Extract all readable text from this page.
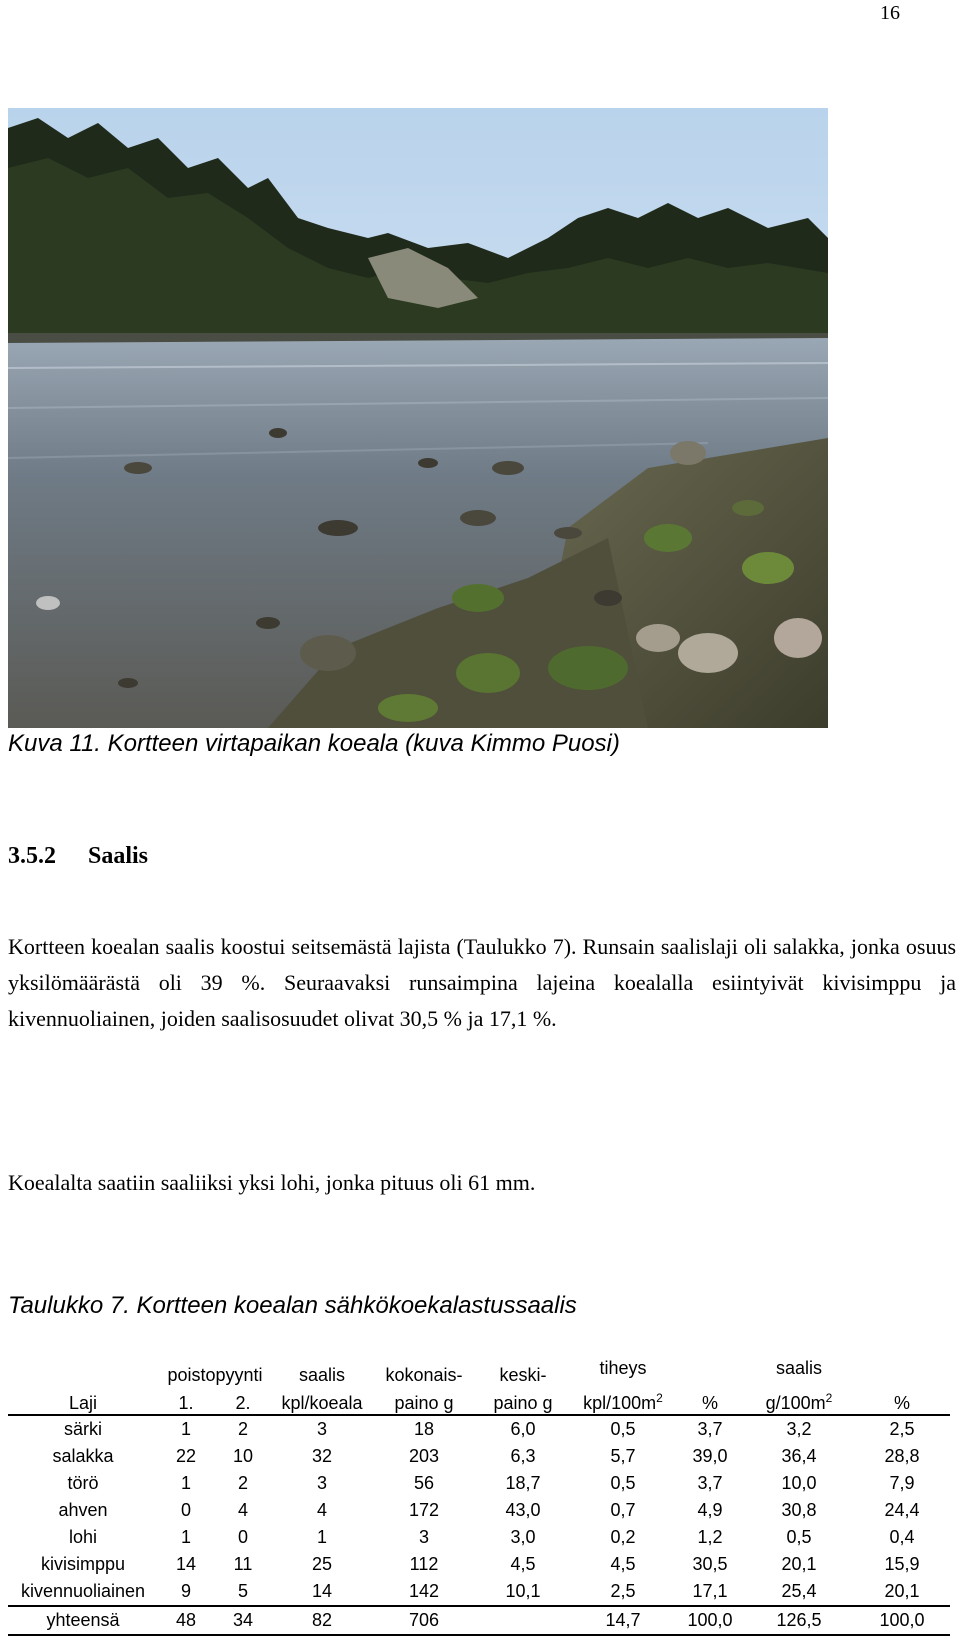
16
Kuva 11. Kortteen virtapaikan koeala (kuva Kimmo Puosi)
3.5.2 Saalis
Kortteen koealan saalis koostui seitsemästä lajista (Taulukko 7). Runsain saalislaji oli salakka, jonka osuus yksilömäärästä oli 39 %. Seuraavaksi runsaimpina lajeina koealalla esiintyivät kivisimppu ja kivennuoliainen, joiden saalisosuudet olivat 30,5 % ja 17,1 %.
Koealalta saatiin saaliiksi yksi lohi, jonka pituus oli 61 mm.
Taulukko 7. Kortteen koealan sähkökoekalastussaalis
	poistopyynti		saalis	kokonais-	keski-	tiheys		saalis	
Laji	1.	2.	kpl/koeala	paino g	paino g	kpl/$100m^2$	%	$g/100m^2$	%
särki	1	2	3	18	6,0	0,5	3,7	3,2	2,5
salakka	22	10	32	203	6,3	5,7	39,0	36,4	28,8
törö	1	2	3	56	18,7	0,5	3,7	10,0	7,9
ahven	0	4	4	172	43,0	0,7	4,9	30,8	24,4
lohi	1	0	1	3	3,0	0,2	1,2	0,5	0,4
kivisimppu	14	11	25	112	4,5	4,5	30,5	20,1	15,9
kivennuoliainen	9	5	14	142	10,1	2,5	17,1	25,4	20,1
yhteensä	48	34	82	706		14,7	100,0	126,5	100,0
